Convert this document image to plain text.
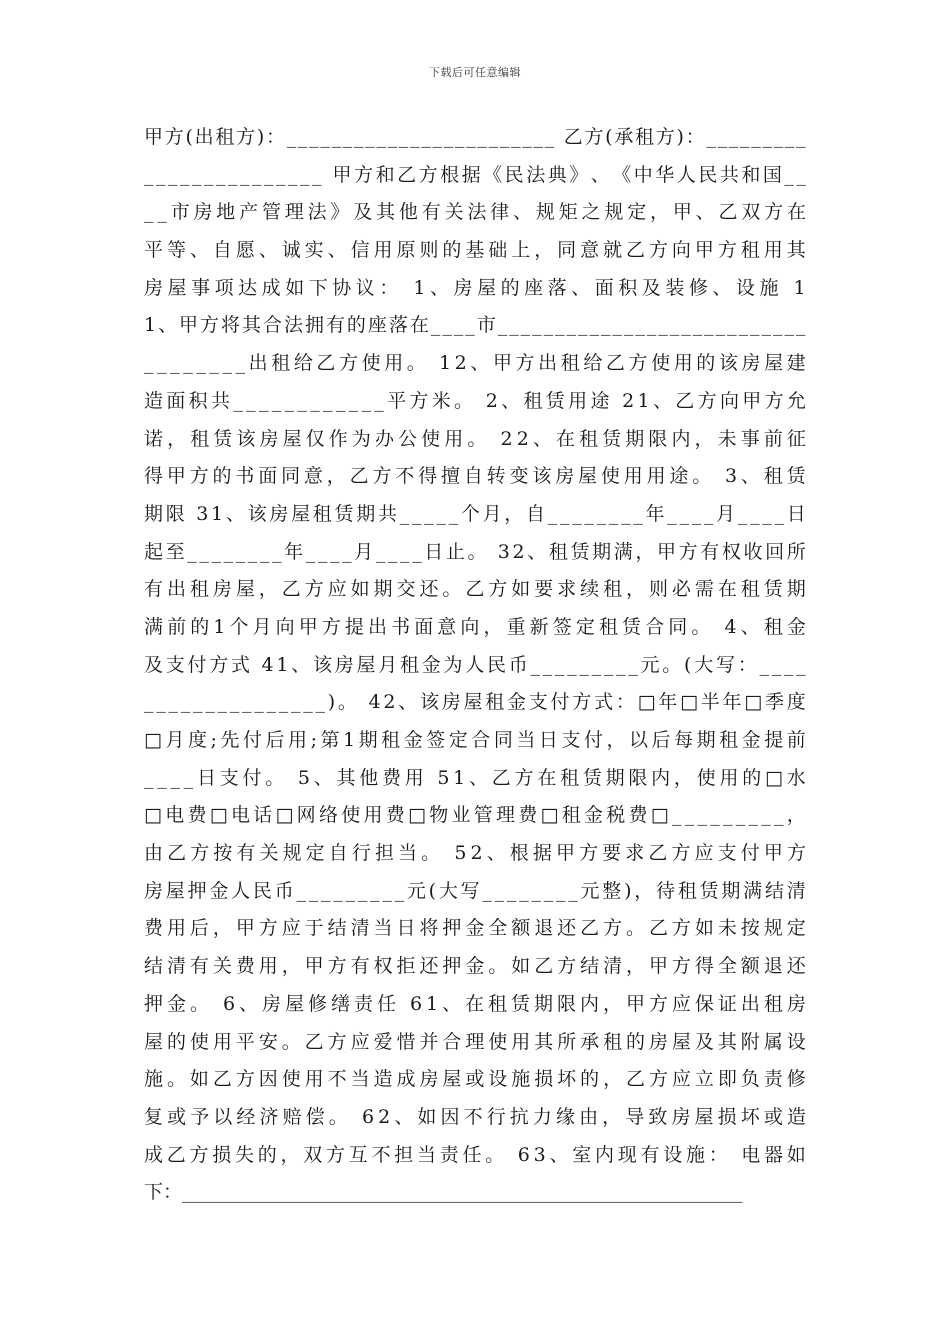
下载后可任意编辑
甲 方 ( 出 租 方 ) ： _ _ _ _ _ _ _ _ _ _ _ _ _ _ _ _ _ _ _ _ _ _ _ _
乙 方 ( 承 租 方 ) ： _ _ _ _ _ _ _ _ _
_ _ _ _ _ _ _ _ _ _ _ _ _ _ _
甲 方 和 乙 方 根 据 《 民 法 典 》 、 《 中 华 人 民 共 和 国 _ _
_ _ 市 房 地 产 管 理 法 》 及 其 他 有 关 法 律 、 规 矩 之 规 定 ， 甲 、 乙 双 方 在
平 等 、 自 愿 、 诚 实 、 信 用 原 则 的 基 础 上 ， 同 意 就 乙 方 向 甲 方 租 用 其
房 屋 事 项 达 成 如 下 协 议 ：
1 、 房 屋 的 座 落 、 面 积 及 装 修 、 设 施
1
1 、 甲 方 将 其 合 法 拥 有 的 座 落 在 _ _ _ _ 市 _ _ _ _ _ _ _ _ _ _ _ _ _ _ _ _ _ _ _ _ _ _ _ _ _ _ _
_ _ _ _ _ _ _ _ 出 租 给 乙 方 使 用 。
1 2 、 甲 方 出 租 给 乙 方 使 用 的 该 房 屋 建
造 面 积 共 _ _ _ _ _ _ _ _ _ _ _ _ 平 方 米 。
2 、 租 赁 用 途
2 1 、 乙 方 向 甲 方 允
诺 ， 租 赁 该 房 屋 仅 作 为 办 公 使 用 。
2 2 、 在 租 赁 期 限 内 ， 未 事 前 征
得 甲 方 的 书 面 同 意 ， 乙 方 不 得 擅 自 转 变 该 房 屋 使 用 用 途 。
3 、 租 赁
期 限
3 1 、 该 房 屋 租 赁 期 共 _ _ _ _ _ 个 月 ， 自 _ _ _ _ _ _ _ _ 年 _ _ _ _ 月 _ _ _ _ 日
起 至 _ _ _ _ _ _ _ _ 年 _ _ _ _ 月 _ _ _ _ 日 止 。
3 2 、 租 赁 期 满 ， 甲 方 有 权 收 回 所
有 出 租 房 屋 ， 乙 方 应 如 期 交 还 。 乙 方 如 要 求 续 租 ， 则 必 需 在 租 赁 期
满 前 的 1 个 月 向 甲 方 提 出 书 面 意 向 ， 重 新 签 定 租 赁 合 同 。
4 、 租 金
及 支 付 方 式
4 1 、 该 房 屋 月 租 金 为 人 民 币 _ _ _ _ _ _ _ _ _ 元 。 ( 大 写 ： _ _ _ _
_ _ _ _ _ _ _ _ _ _ _ _ _ _ _ ) 。
4 2 、 该 房 屋 租 金 支 付 方 式 ： □ 年 □ 半 年 □ 季 度
□ 月 度 ; 先 付 后 用 ; 第 1 期 租 金 签 定 合 同 当 日 支 付 ， 以 后 每 期 租 金 提 前
_ _ _ _ 日 支 付 。
5 、 其 他 费 用
5 1 、 乙 方 在 租 赁 期 限 内 ， 使 用 的 □ 水
□ 电 费 □ 电 话 □ 网 络 使 用 费 □ 物 业 管 理 费 □ 租 金 税 费 □ _ _ _ _ _ _ _ _ _ ，
由 乙 方 按 有 关 规 定 自 行 担 当 。
5 2 、 根 据 甲 方 要 求 乙 方 应 支 付 甲 方
房 屋 押 金 人 民 币 _ _ _ _ _ _ _ _ _ 元 ( 大 写 _ _ _ _ _ _ _ _ 元 整 ) ， 待 租 赁 期 满 结 清
费 用 后 ， 甲 方 应 于 结 清 当 日 将 押 金 全 额 退 还 乙 方 。 乙 方 如 未 按 规 定
结 清 有 关 费 用 ， 甲 方 有 权 拒 还 押 金 。 如 乙 方 结 清 ， 甲 方 得 全 额 退 还
押 金 。
6 、 房 屋 修 缮 责 任
6 1 、 在 租 赁 期 限 内 ， 甲 方 应 保 证 出 租 房
屋 的 使 用 平 安 。 乙 方 应 爱 惜 并 合 理 使 用 其 所 承 租 的 房 屋 及 其 附 属 设
施 。 如 乙 方 因 使 用 不 当 造 成 房 屋 或 设 施 损 坏 的 ， 乙 方 应 立 即 负 责 修
复 或 予 以 经 济 赔 偿 。
6 2 、 如 因 不 行 抗 力 缘 由 ， 导 致 房 屋 损 坏 或 造
成 乙 方 损 失 的 ， 双 方 互 不 担 当 责 任 。
6 3 、 室 内 现 有 设 施 ：
电 器 如
下：___________________________________________________________
